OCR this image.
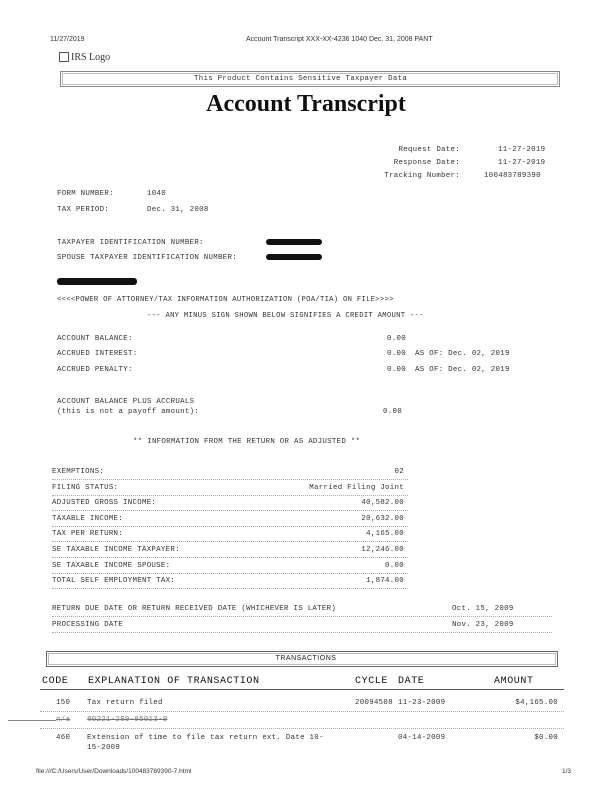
11/27/2019	Account Transcript XXX-XX-4236 1040 Dec. 31, 2008 PANT
IRS Logo
This Product Contains Sensitive Taxpayer Data
Account Transcript
Request Date:	11-27-2019
Response Date:	11-27-2019
Tracking Number:	100483789390
FORM NUMBER:	1040
TAX PERIOD:	Dec. 31, 2008
TAXPAYER IDENTIFICATION NUMBER:
SPOUSE TAXPAYER IDENTIFICATION NUMBER:
<<<<POWER OF ATTORNEY/TAX INFORMATION AUTHORIZATION (POA/TIA) ON FILE>>>>
--- ANY MINUS SIGN SHOWN BELOW SIGNIFIES A CREDIT AMOUNT ---
ACCOUNT BALANCE:	0.00
ACCRUED INTEREST:	0.00 AS OF: Dec. 02, 2019
ACCRUED PENALTY:	0.00 AS OF: Dec. 02, 2019
ACCOUNT BALANCE PLUS ACCRUALS
(this is not a payoff amount):	0.00
** INFORMATION FROM THE RETURN OR AS ADJUSTED **
EXEMPTIONS:	02
FILING STATUS:	Married Filing Joint
ADJUSTED GROSS INCOME:	40,582.00
TAXABLE INCOME:	20,632.00
TAX PER RETURN:	4,165.00
SE TAXABLE INCOME TAXPAYER:	12,246.00
SE TAXABLE INCOME SPOUSE:	0.00
TOTAL SELF EMPLOYMENT TAX:	1,874.00
RETURN DUE DATE OR RETURN RECEIVED DATE (WHICHEVER IS LATER)	Oct. 15, 2009
PROCESSING DATE	Nov. 23, 2009
TRANSACTIONS
CODE EXPLANATION OF TRANSACTION	CYCLE DATE	AMOUNT
150 Tax return filed	20094508 11-23-2009	$4,165.00
n/a 80221-289-95013-9
460 Extension of time to file tax return ext. Date 10-
15-2009
04-14-2009	$0.00
file:///C:/Users/User/Downloads/100483789390-7.html	1/3
